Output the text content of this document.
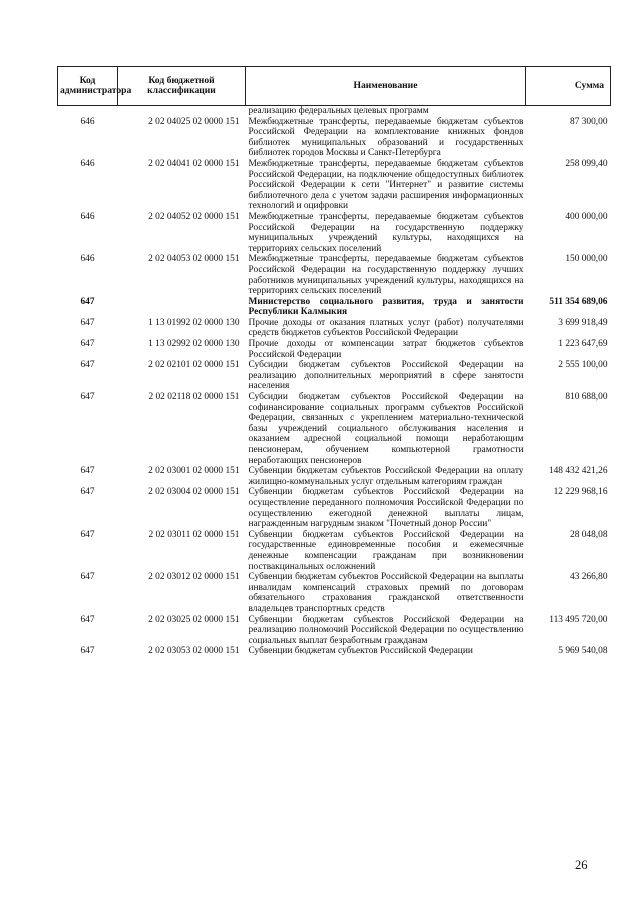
Код администратора	Код бюджетной классификации	Наименование	Сумма
		реализацию федеральных целевых программ	
646	2 02 04025 02 0000 151	Межбюджетные трансферты, передаваемые бюджетам субъектов Российской Федерации на комплектование книжных фондов библиотек муниципальных образований и государственных библиотек городов Москвы и Санкт-Петербурга	87 300,00
646	2 02 04041 02 0000 151	Межбюджетные трансферты, передаваемые бюджетам субъектов Российской Федерации, на подключение общедоступных библиотек Российской Федерации к сети "Интернет" и развитие системы библиотечного дела с учетом задачи расширения информационных технологий и оцифровки	258 099,40
646	2 02 04052 02 0000 151	Межбюджетные трансферты, передаваемые бюджетам субъектов Российской Федерации на государственную поддержку муниципальных учреждений культуры, находящихся на территориях сельских поселений	400 000,00
646	2 02 04053 02 0000 151	Межбюджетные трансферты, передаваемые бюджетам субъектов Российской Федерации на государственную поддержку лучших работников муниципальных учреждений культуры, находящихся на территориях сельских поселений	150 000,00
647		Министерство социального развития, труда и занятости Республики Калмыкия	511 354 689,06
647	1 13 01992 02 0000 130	Прочие доходы от оказания платных услуг (работ) получателями средств бюджетов субъектов Российской Федерации	3 699 918,49
647	1 13 02992 02 0000 130	Прочие доходы от компенсации затрат бюджетов субъектов Российской Федерации	1 223 647,69
647	2 02 02101 02 0000 151	Субсидии бюджетам субъектов Российской Федерации на реализацию дополнительных мероприятий в сфере занятости населения	2 555 100,00
647	2 02 02118 02 0000 151	Субсидии бюджетам субъектов Российской Федерации на софинансирование социальных программ субъектов Российской Федерации, связанных с укреплением материально-технической базы учреждений социального обслуживания населения и оказанием адресной социальной помощи неработающим пенсионерам, обучением компьютерной грамотности неработающих пенсионеров	810 688,00
647	2 02 03001 02 0000 151	Субвенции бюджетам субъектов Российской Федерации на оплату жилищно-коммунальных услуг отдельным категориям граждан	148 432 421,26
647	2 02 03004 02 0000 151	Субвенции бюджетам субъектов Российской Федерации на осуществление переданного полномочия Российской Федерации по осуществлению ежегодной денежной выплаты лицам, награжденным нагрудным знаком "Почетный донор России"	12 229 968,16
647	2 02 03011 02 0000 151	Субвенции бюджетам субъектов Российской Федерации на государственные единовременные пособия и ежемесячные денежные компенсации гражданам при возникновении поствакцинальных осложнений	28 048,08
647	2 02 03012 02 0000 151	Субвенции бюджетам субъектов Российской Федерации на выплаты инвалидам компенсаций страховых премий по договорам обязательного страхования гражданской ответственности владельцев транспортных средств	43 266,80
647	2 02 03025 02 0000 151	Субвенции бюджетам субъектов Российской Федерации на реализацию полномочий Российской Федерации по осуществлению социальных выплат безработным гражданам	113 495 720,00
647	2 02 03053 02 0000 151	Субвенции бюджетам субъектов Российской Федерации	5 969 540,08
26
